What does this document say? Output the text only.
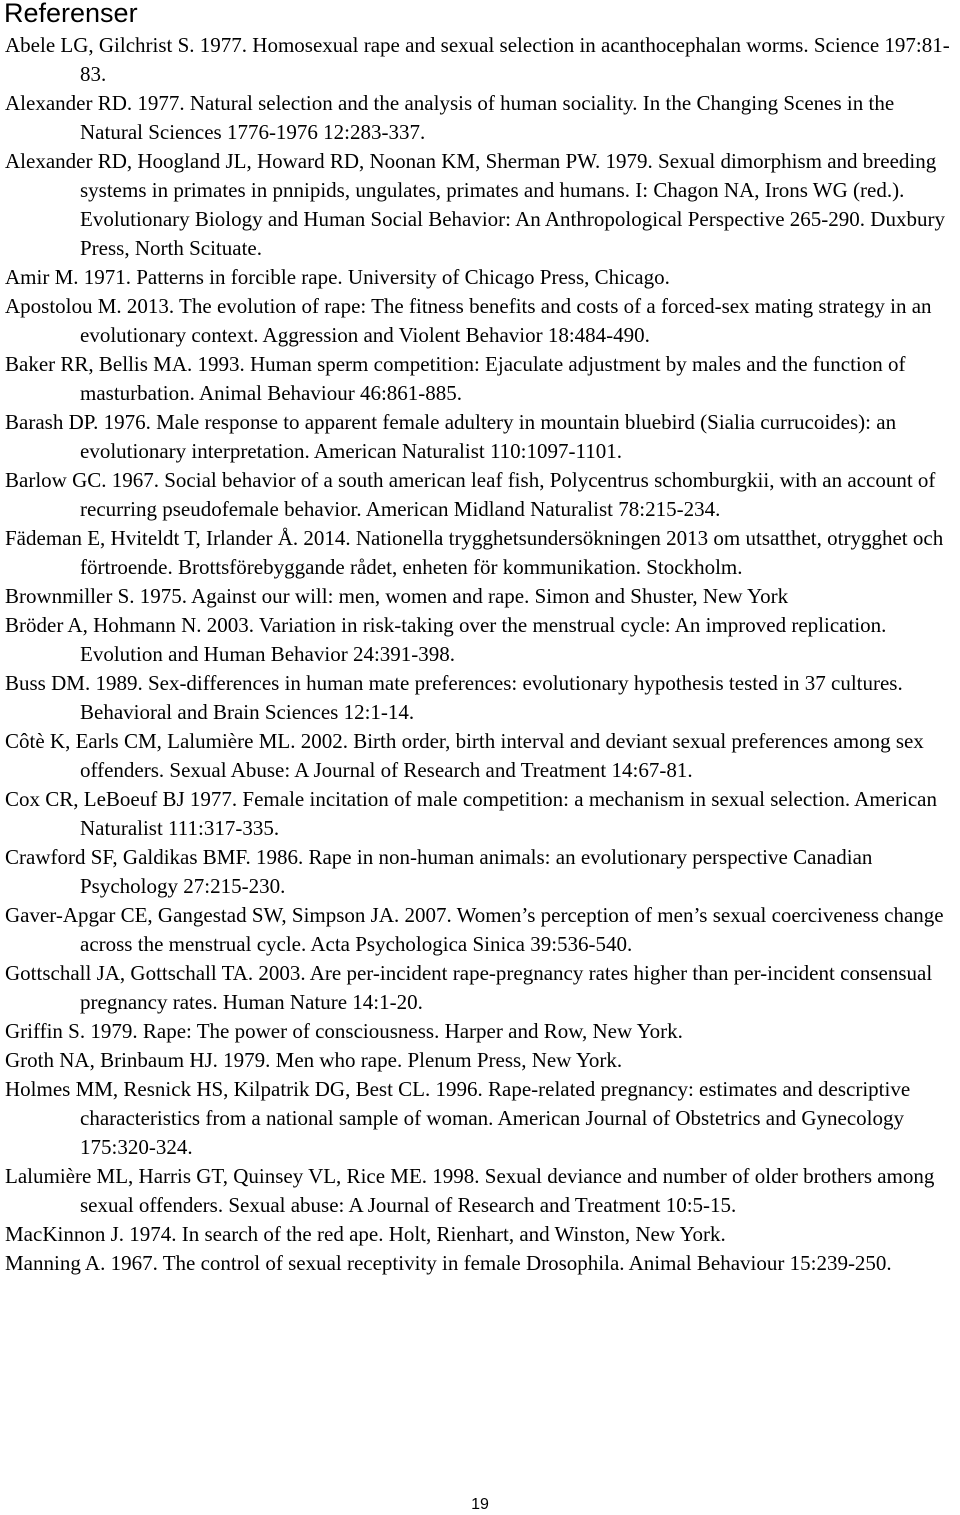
Referenser
Abele LG, Gilchrist S. 1977. Homosexual rape and sexual selection in acanthocephalan worms. Science 197:81-83.
Alexander RD. 1977. Natural selection and the analysis of human sociality. In the Changing Scenes in the Natural Sciences 1776-1976 12:283-337.
Alexander RD, Hoogland JL, Howard RD, Noonan KM, Sherman PW. 1979. Sexual dimorphism and breeding systems in primates in pnnipids, ungulates, primates and humans. I: Chagon NA, Irons WG (red.). Evolutionary Biology and Human Social Behavior: An Anthropological Perspective 265-290. Duxbury Press, North Scituate.
Amir M. 1971. Patterns in forcible rape. University of Chicago Press, Chicago.
Apostolou M. 2013. The evolution of rape: The fitness benefits and costs of a forced-sex mating strategy in an evolutionary context. Aggression and Violent Behavior 18:484-490.
Baker RR, Bellis MA. 1993. Human sperm competition: Ejaculate adjustment by males and the function of masturbation. Animal Behaviour 46:861-885.
Barash DP. 1976. Male response to apparent female adultery in mountain bluebird (Sialia currucoides): an evolutionary interpretation. American Naturalist 110:1097-1101.
Barlow GC. 1967. Social behavior of a south american leaf fish, Polycentrus schomburgkii, with an account of recurring pseudofemale behavior. American Midland Naturalist 78:215-234.
Fädeman E, Hviteldt T, Irlander Å. 2014. Nationella trygghetsundersökningen 2013 om utsatthet, otrygghet och förtroende. Brottsförebyggande rådet, enheten för kommunikation. Stockholm.
Brownmiller S. 1975. Against our will: men, women and rape. Simon and Shuster, New York
Bröder A, Hohmann N. 2003. Variation in risk-taking over the menstrual cycle: An improved replication. Evolution and Human Behavior 24:391-398.
Buss DM. 1989. Sex-differences in human mate preferences: evolutionary hypothesis tested in 37 cultures. Behavioral and Brain Sciences 12:1-14.
Côtè K, Earls CM, Lalumière ML. 2002. Birth order, birth interval and deviant sexual preferences among sex offenders. Sexual Abuse: A Journal of Research and Treatment 14:67-81.
Cox CR, LeBoeuf BJ 1977. Female incitation of male competition: a mechanism in sexual selection. American Naturalist 111:317-335.
Crawford SF, Galdikas BMF. 1986. Rape in non-human animals: an evolutionary perspective Canadian Psychology 27:215-230.
Gaver-Apgar CE, Gangestad SW, Simpson JA. 2007. Women’s perception of men’s sexual coerciveness change across the menstrual cycle. Acta Psychologica Sinica 39:536-540.
Gottschall JA, Gottschall TA. 2003. Are per-incident rape-pregnancy rates higher than per-incident consensual pregnancy rates. Human Nature 14:1-20.
Griffin S. 1979. Rape: The power of consciousness. Harper and Row, New York.
Groth NA, Brinbaum HJ. 1979. Men who rape. Plenum Press, New York.
Holmes MM, Resnick HS, Kilpatrik DG, Best CL. 1996. Rape-related pregnancy: estimates and descriptive characteristics from a national sample of woman. American Journal of Obstetrics and Gynecology 175:320-324.
Lalumière ML, Harris GT, Quinsey VL, Rice ME. 1998. Sexual deviance and number of older brothers among sexual offenders. Sexual abuse: A Journal of Research and Treatment 10:5-15.
MacKinnon J. 1974. In search of the red ape. Holt, Rienhart, and Winston, New York.
Manning A. 1967. The control of sexual receptivity in female Drosophila. Animal Behaviour 15:239-250.
19
